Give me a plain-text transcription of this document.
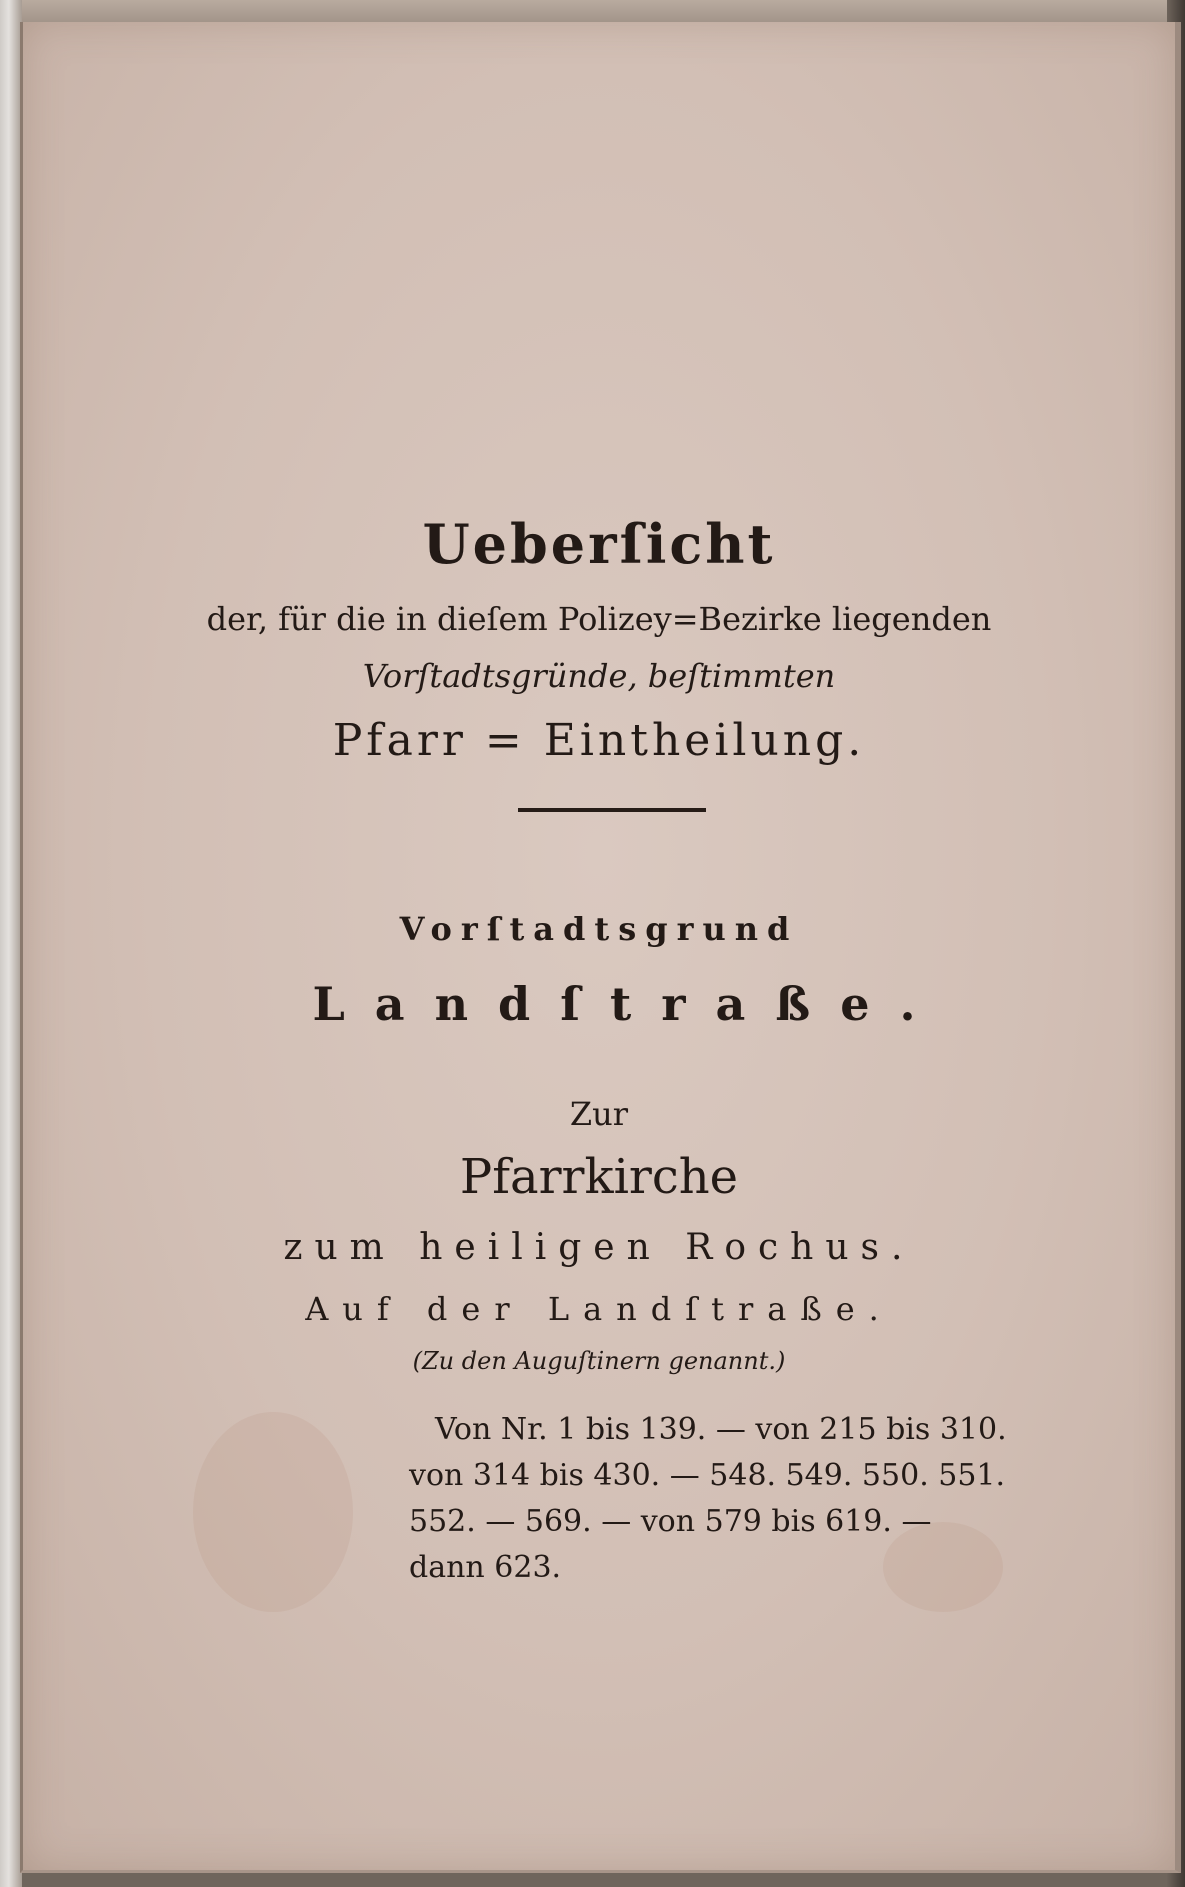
Ueberſicht
der, für die in dieſem Polizey=Bezirke liegenden
Vorſtadtsgründe, beſtimmten
Pfarr = Eintheilung.
Vorſtadtsgrund
Landſtraße.
Zur
Pfarrkirche
zum heiligen Rochus.
Auf der Landſtraße.
(Zu den Auguſtinern genannt.)
Von Nr. 1 bis 139. — von 215 bis 310.
von 314 bis 430. — 548. 549. 550. 551.
552. — 569. — von 579 bis 619. —
dann 623.
